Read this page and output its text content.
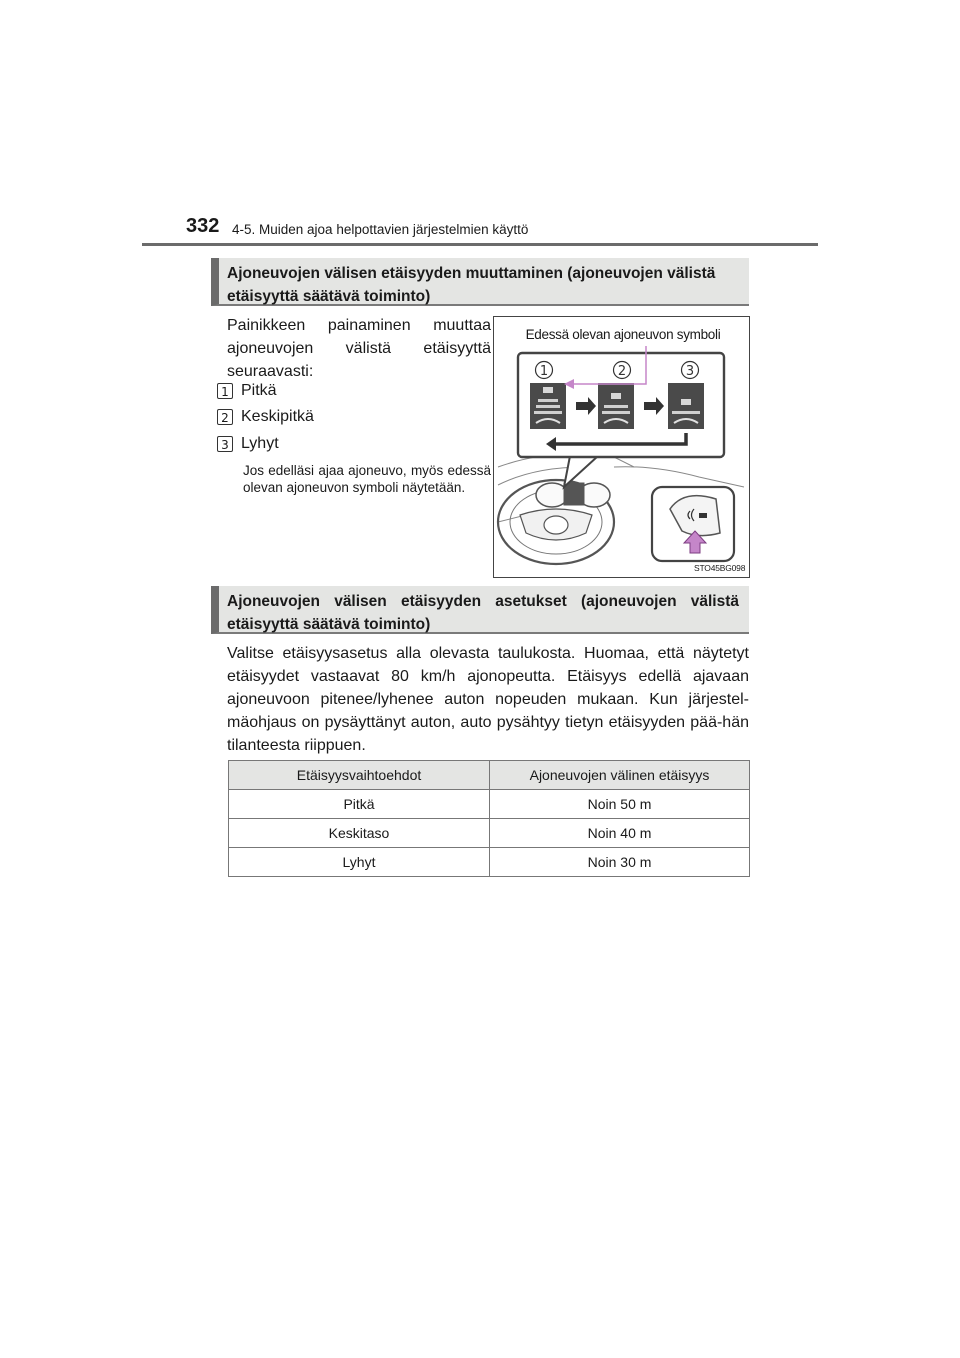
332 4-5. Muiden ajoa helpottavien järjestelmien käyttö
Ajoneuvojen välisen etäisyyden muuttaminen (ajoneuvojen välistä etäisyyttä säätävä toiminto)
Painikkeen painaminen muuttaa ajoneuvojen välistä etäisyyttä seuraavasti:
1 Pitkä
2 Keskipitkä
3 Lyhyt
Jos edelläsi ajaa ajoneuvo, myös edessä olevan ajoneuvon symboli näytetään.
1	2	3
Edessä olevan ajoneuvon symboli
STO45BG098
Ajoneuvojen välisen etäisyyden asetukset (ajoneuvojen välistä etäisyyttä säätävä toiminto)
Valitse etäisyysasetus alla olevasta taulukosta. Huomaa, että näytetyt etäisyydet vastaavat 80 km/h ajonopeutta. Etäisyys edellä ajavaan ajoneuvoon pitenee/lyhenee auton nopeuden mukaan. Kun järjestel-mäohjaus on pysäyttänyt auton, auto pysähtyy tietyn etäisyyden pää-hän tilanteesta riippuen.
Etäisyysvaihtoehdot	Ajoneuvojen välinen etäisyys
Pitkä	Noin 50 m
Keskitaso	Noin 40 m
Lyhyt	Noin 30 m
